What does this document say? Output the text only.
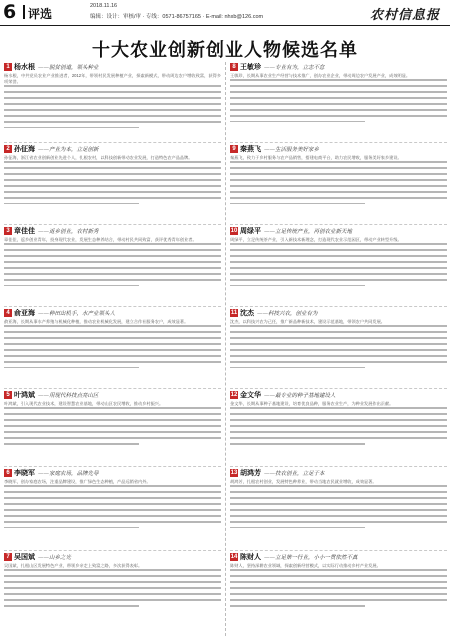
6 评选
2018.11.16
编辑：设计：审核/审 · 专线：0571-86757165 · E-mail: nhxb@126.com	农村信息报
十大农业创新创业人物候选名单
1 杨水根 ——脱贫创道，领头种业
杨水根，中共党员农业产业推进者，2012年，带领村民发展种植产业，探索新模式，带动周边农户增收致富，获得多项荣誉。
2 孙征海 ——产业为本，立足创新
孙征海，浙江省农业创新创业先进个人，扎根农村，以科技创新带动农业发展，打造特色农产品品牌。
3 章佳佳 ——返乡创业，农村新秀
章佳佳，返乡创业青年，投身现代农业，发展生态种养结合，带动村民共同致富，获评优秀青年创业者。
4 俞亚海 ——种田出机手，水产业领头人
俞亚海，长期从事水产养殖与机械化种植，推动农业机械化发展，建立合作社服务农户，成效显著。
5 叶鸿斌 ——用现代科技点亮山区
叶鸿斌，引入现代农业技术，建设智慧农业基地，带动山区农民增收，推动乡村振兴。
6 李晓军 ——家庭农场，品牌先导
李晓军，创办家庭农场，注重品牌建设，推广绿色生态种植，产品远销省内外。
7 吴国斌 ——山乡之光
吴国斌，扎根山区发展特色产业，带领乡亲走上致富之路，多次获得表彰。
8 王敏珍 ——专业有为，立志不怠
王敏珍，长期从事农业生产经营与技术推广，创办农业企业，带动周边农户发展产业，成效明显。
9 秦燕飞 ——生活服务美好家乡
秦燕飞，致力于乡村服务与农产品销售，搭建电商平台，助力农民增收，服务美好家乡建设。
10 周绿平 ——立足传统产业，再创农业新天地
周绿平，立足传统茶产业，引入新技术新理念，打造现代农业示范园区，带动产业转型升级。
11 沈杰 ——科技兴农，创业有为
沈杰，以科技兴农为己任，推广新品种新技术，建设示范基地，带领农户共同发展。
12 金文华 ——最专业的种子基地建设人
金文华，长期从事种子基地建设，培育优良品种，服务农业生产，为种业发展作出贡献。
13 胡鸿芳 ——扶农创业，立足于本
胡鸿芳，扎根农村创业，发展特色种养业，带动当地农民就业增收，成效显著。
14 陈财人 ——立足第一行业，小小一贯依然不真
陈财人，坚持深耕农业领域，探索创新经营模式，以实际行动推动乡村产业发展。
